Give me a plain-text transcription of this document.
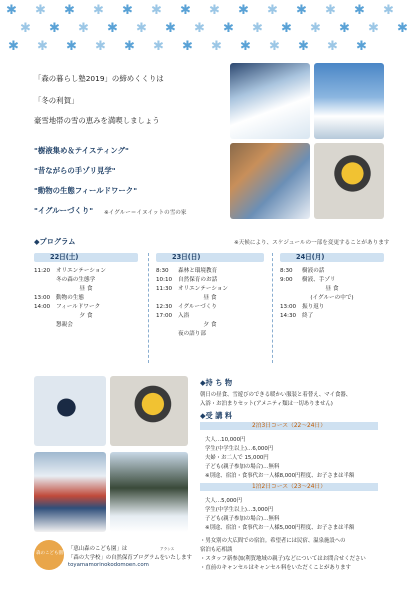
✱ ✱ ✱ ✱ ✱ ✱ ✱ ✱ ✱ ✱ ✱ ✱ ✱ ✱
✱ ✱ ✱ ✱ ✱ ✱ ✱ ✱ ✱ ✱ ✱ ✱ ✱ ✱
✱ ✱ ✱ ✱ ✱ ✱ ✱ ✱ ✱ ✱ ✱ ✱ ✱
「森の暮らし塾2019」の締めくくりは
「冬の利賀」
豪雪地帯の雪の恵みを満喫しましょう
"樹液集め＆テイスティング"
"昔ながらの手ゾリ見学"
"動物の生態フィールドワーク"
"イグルーづくり" ※イグルー＝イヌイットの雪の家
◆プログラム	※天候により、スケジュールの一部を変更することがあります
22日(土)
11:20	オリエンテーション
冬の森の生態学
昼 食
13:00	動物の生態
14:00	フィールドワーク
夕 食
懇親会
23日(日)
8:30	森林と環境教育
10:10	自然保育のお話
11:30	オリエンテーション
昼 食
12:30	イグルーづくり
17:00	入浴
夕 食
夜の語り部
24日(月)
8:30	樹液の話
9:00	樹液、手ゾリ
昼 食
(イグルーの中で)
13:00	振り返り
14:30	終了
◆持 ち 物
朝日の昼食、雪遊びのできる暖かい服装と着替え、マイ食器、
入浴・お泊まりセット(アメニティ類は一切ありません)
◆受 講 料
2泊3日コース（22〜24日）
大人…10,000円
学生(中学生以上)…6,000円
夫婦・お二人で 15,000円
子ども(親子参加の場合)…無料
※別途、宿泊・食事代お一人様8,000円程度、お子さまは半額
1泊2日コース（23〜24日）
大人…5,000円
学生(中学生以上)…3,000円
子ども(親子参加の場合)…無料
※別途、宿泊・食事代お一人様5,000円程度、お子さまは半額
・男女別の大広間での宿泊。希望者には民宿、温泉施設への
宿泊も応相談
・スタッフ新参加(利賀地域の親子)などについてはお問合せください
・直前のキャンセルはキャンセル料をいただくことがあります
森のこども園
「恵山森のこども園」は	アランス
「森の大学校」の自然保育プログラムをいたします
toyamamorinokodomoen.com
